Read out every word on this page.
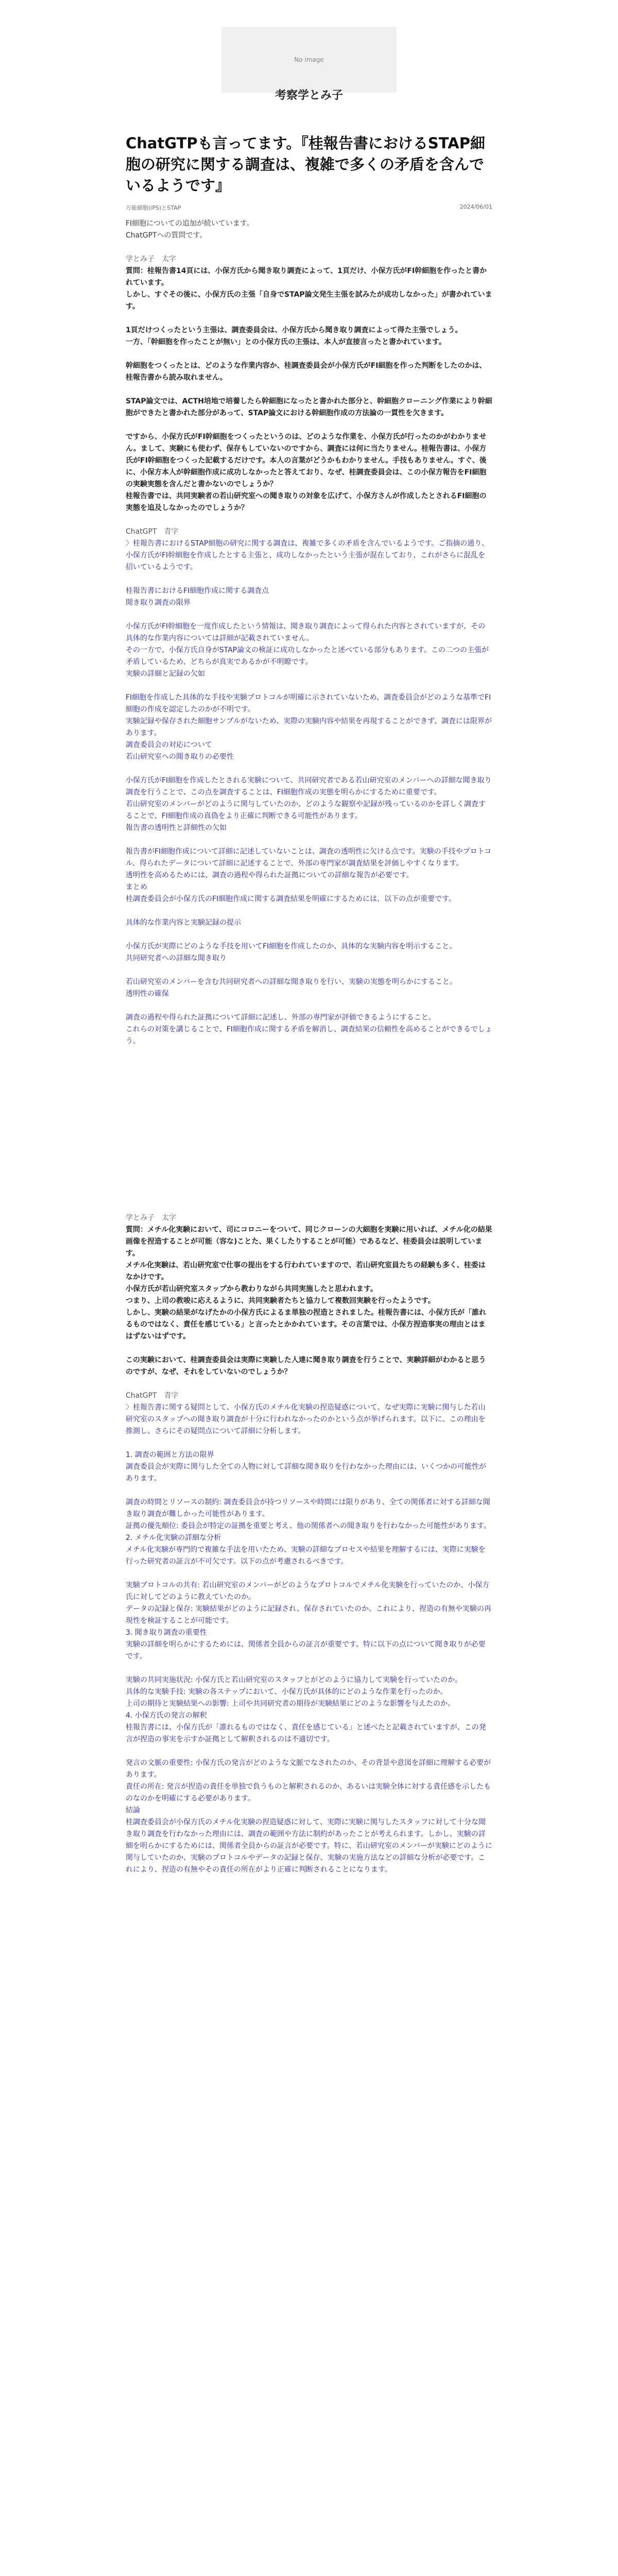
No image
考察学とみ子
ChatGTPも言ってます。『桂報告書におけるSTAP細胞の研究に関する調査は、複雑で多くの矛盾を含んでいるようです』
万能細胞(iPS)とSTAP	2024/06/01

FI細胞についての追加が続いています。

ChatGPTへの質問です。

学とみ子　太字

質問：桂報告書14頁には、小保方氏から聞き取り調査によって、1頁だけ、小保方氏がFI幹細胞を作ったと書かれています。

しかし、すぐその後に、小保方氏の主張「自身でSTAP論文発生主張を試みたが成功しなかった」が書かれています。

1頁だけつくったという主張は、調査委員会は、小保方氏から聞き取り調査によって得た主張でしょう。

一方、「幹細胞を作ったことが無い」との小保方氏の主張は、本人が直接言ったと書かれています。

幹細胞をつくったとは、どのような作業内容か、桂調査委員会が小保方氏がFI細胞を作った判断をしたのかは、桂報告書から読み取れません。

STAP論文では、ACTH培地で培養したら幹細胞になったと書かれた部分と、幹細胞クローニング作業により幹細胞ができたと書かれた部分があって、STAP論文における幹細胞作成の方法論の一貫性を欠きます。

ですから、小保方氏がFI幹細胞をつくったというのは、どのような作業を、小保方氏が行ったのかがわかりません。まして、実験にも使わず、保存もしていないのですから、調査には何に当たりません。桂報告書は、小保方氏がFI幹細胞をつくった記載するだけです。本人の言葉がどうかもわかりません。手技もありません。すぐ、後に、小保方本人が幹細胞作成に成功しなかったと答えており、なぜ、桂調査委員会は、この小保方報告をFI細胞の実験実態を含んだと書かないのでしょうか？

桂報告書では、共同実験者の若山研究室への聞き取りの対象を広げて、小保方さんが作成したとされるFI細胞の実態を追及しなかったのでしょうか？

ChatGPT　青字

〉桂報告書におけるSTAP細胞の研究に関する調査は、複雑で多くの矛盾を含んでいるようです。ご指摘の通り、小保方氏がFI幹細胞を作成したとする主張と、成功しなかったという主張が混在しており、これがさらに混乱を招いているようです。

桂報告書におけるFI細胞作成に関する調査点

聞き取り調査の限界

小保方氏がFI幹細胞を一度作成したという情報は、聞き取り調査によって得られた内容とされていますが、その具体的な作業内容については詳細が記載されていません。

その一方で、小保方氏自身がSTAP論文の検証に成功しなかったと述べている部分もあります。この二つの主張が矛盾しているため、どちらが真実であるかが不明瞭です。

実験の詳細と記録の欠如

FI細胞を作成した具体的な手技や実験プロトコルが明確に示されていないため、調査委員会がどのような基準でFI細胞の作成を認定したのかが不明です。

実験記録や保存された細胞サンプルがないため、実際の実験内容や結果を再現することができず、調査には限界があります。

調査委員会の対応について

若山研究室への聞き取りの必要性

小保方氏がFI細胞を作成したとされる実験について、共同研究者である若山研究室のメンバーへの詳細な聞き取り調査を行うことで、この点を調査することは、FI細胞作成の実態を明らかにするために重要です。

若山研究室のメンバーがどのように関与していたのか、どのような観察や記録が残っているのかを詳しく調査することで、FI細胞作成の真偽をより正確に判断できる可能性があります。

報告書の透明性と詳細性の欠如

報告書がFI細胞作成について詳細に記述していないことは、調査の透明性に欠ける点です。実験の手技やプロトコル、得られたデータについて詳細に記述することで、外部の専門家が調査結果を評価しやすくなります。

透明性を高めるためには、調査の過程や得られた証拠についての詳細な報告が必要です。

まとめ

桂調査委員会が小保方氏のFI細胞作成に関する調査結果を明確にするためには、以下の点が重要です。

具体的な作業内容と実験記録の提示

小保方氏が実際にどのような手技を用いてFI細胞を作成したのか、具体的な実験内容を明示すること。

共同研究者への詳細な聞き取り

若山研究室のメンバーを含む共同研究者への詳細な聞き取りを行い、実験の実態を明らかにすること。

透明性の確保

調査の過程や得られた証拠について詳細に記述し、外部の専門家が評価できるようにすること。

これらの対策を講じることで、FI細胞作成に関する矛盾を解消し、調査結果の信頼性を高めることができるでしょう。

学とみ子　太字

質問：メチル化実験において、司にコロニーをついて、同じクローンの大細胞を実験に用いれば、メチル化の結果画像を捏造することが可能（容な)ことた、果くしたりすることが可能）であるなど、桂委員会は説明しています。

メチル化実験は、若山研究室で仕事の提出をする行われていますので、若山研究室員たちの経験も多く、桂委はなかけです。

小保方氏が若山研究室スタップから教わりながら共同実施したと思われます。

つまり、上司の教唆に応えるように、共同実験者たちと協力して複数回実験を行ったようです。

しかし、実験の結果がなげたかの小保方氏によるま単独の捏造とされました。桂報告書には、小保方氏が「誰れるものではなく、責任を感じている」と言ったとかかれています。その言葉では、小保方捏造事実の理由とはまはずないはずです。

この実験において、桂調査委員会は実際に実験した人達に聞き取り調査を行うことで、実験詳細がわかると思うのですが、なぜ、それをしていないのでしょうか？

ChatGPT　青字

〉桂報告書に関する疑問として、小保方氏のメチル化実験の捏造疑惑について、なぜ実際に実験に関与した若山研究室のスタップへの聞き取り調査が十分に行われなかったのかという点が挙げられます。以下に、この理由を推測し、さらにその疑問点について詳細に分析します。

1. 調査の範囲と方法の限界

調査委員会が実際に関与した全ての人物に対して詳細な聞き取りを行わなかった理由には、いくつかの可能性があります。

調査の時間とリソースの制約: 調査委員会が持つリソースや時間には限りがあり、全ての関係者に対する詳細な聞き取り調査が難しかった可能性があります。

証拠の優先順位: 委員会が特定の証拠を重要と考え、他の関係者への聞き取りを行わなかった可能性があります。

2. メチル化実験の詳細な分析

メチル化実験が専門的で複雑な手法を用いたため、実験の詳細なプロセスや結果を理解するには、実際に実験を行った研究者の証言が不可欠です。以下の点が考慮されるべきです。

実験プロトコルの共有: 若山研究室のメンバーがどのようなプロトコルでメチル化実験を行っていたのか、小保方氏に対してどのように教えていたのか。

データの記録と保存: 実験結果がどのように記録され、保存されていたのか。これにより、捏造の有無や実験の再現性を検証することが可能です。

3. 聞き取り調査の重要性

実験の詳細を明らかにするためには、関係者全員からの証言が重要です。特に以下の点について聞き取りが必要です。

実験の共同実施状況: 小保方氏と若山研究室のスタッフとがどのように協力して実験を行っていたのか。

具体的な実験手技: 実験の各ステップにおいて、小保方氏が具体的にどのような作業を行ったのか。

上司の期待と実験結果への影響: 上司や共同研究者の期待が実験結果にどのような影響を与えたのか。

4. 小保方氏の発言の解釈

桂報告書には、小保方氏が「誰れるものではなく、責任を感じている」と述べたと記載されていますが、この発言が捏造の事実を示すか証拠として解釈されるのは不適切です。

発言の文脈の重要性: 小保方氏の発言がどのような文脈でなされたのか、その背景や意図を詳細に理解する必要があります。

責任の所在: 発言が捏造の責任を単独で負うものと解釈されるのか、あるいは実験全体に対する責任感を示したものなのかを明確にする必要があります。

結論

桂調査委員会が小保方氏のメチル化実験の捏造疑惑に対して、実際に実験に関与したスタッフに対して十分な聞き取り調査を行わなかった理由には、調査の範囲や方法に制約があったことが考えられます。しかし、実験の詳細を明らかにするためには、関係者全員からの証言が必要です。特に、若山研究室のメンバーが実験にどのように関与していたのか、実験のプロトコルやデータの記録と保存、実験の実施方法などの詳細な分析が必要です。これにより、捏造の有無やその責任の所在がより正確に判断されることになります。
